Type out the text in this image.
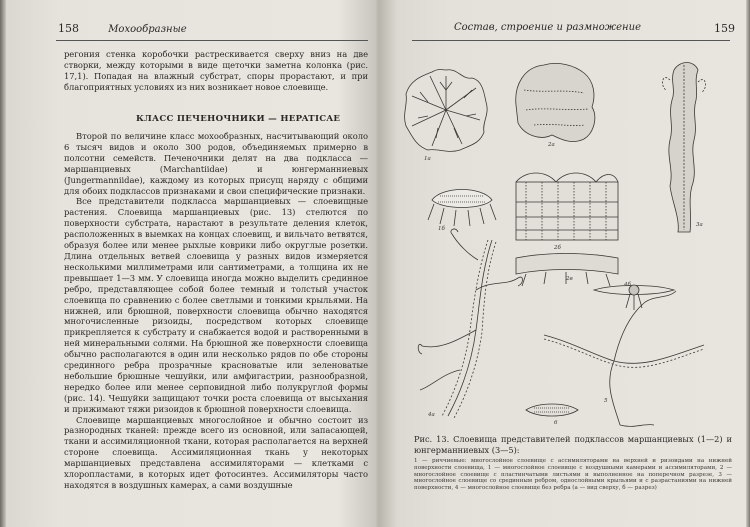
158	Мохообразные

регония стенка коробочки растрескивается сверху вниз на две створки, между которыми в виде щеточки заметна колонка (рис. 17,1). Попадая на влажный субстрат, споры прорастают, и при благоприятных условиях из них возникает новое слоевище.

КЛАСС ПЕЧЕНОЧНИКИ — HEPATICAE

Второй по величине класс мохообразных, насчитывающий около 6 тысяч видов и около 300 родов, объединяемых примерно в полсотни семейств. Печеночники делят на два подкласса — маршанциевых (Marchantiidae) и юнгерманниевых (Jungermanniidae), каждому из которых присущ наряду с общими для обоих подклассов признаками и свои специфические признаки.

Все представители подкласса маршанциевых — слоевищные растения. Слоевища маршанциевых (рис. 13) стелются по поверхности субстрата, нарастают в результате деления клеток, расположенных в выемках на концах слоевищ, и вильчато ветвятся, образуя более или менее рыхлые коврики либо округлые розетки. Длина отдельных ветвей слоевища у разных видов измеряется несколькими миллиметрами или сантиметрами, а толщина их не превышает 1—3 мм. У слоевища иногда можно выделить срединное ребро, представляющее собой более темный и толстый участок слоевища по сравнению с более светлыми и тонкими крыльями. На нижней, или брюшной, поверхности слоевища обычно находятся многочисленные ризоиды, посредством которых слоевище прикрепляется к субстрату и снабжается водой и растворенными в ней минеральными солями. На брюшной же поверхности слоевища обычно располагаются в один или несколько рядов по обе стороны срединного ребра прозрачные красноватые или зеленоватые небольшие брюшные чешуйки, или амфигастрии, разнообразной, нередко более или менее серповидной либо полукруглой формы (рис. 14). Чешуйки защищают точки роста слоевища от высыхания и прижимают тяжи ризоидов к брюшной поверхности слоевища.

Слоевище маршанциевых многослойное и обычно состоит из разнородных тканей: прежде всего из основной, или запасающей, ткани и ассимиляционной ткани, которая располагается на верхней стороне слоевища. Ассимиляционная ткань у некоторых маршанциевых представлена ассимиляторами — клетками с хлоропластами, в которых идет фотосинтез. Ассимиляторы часто находятся в воздушных камерах, а сами воздушные

Состав, строение и размножение	159
1а
2а
2б
3а
4а
4б
5
6
1б
2в
Рис. 13. Слоевища представителей подклассов маршанциевых (1—2) и юнгерманниевых (3—5):
1 — риччиевые: многослойное слоевище с ассимиляторами на верхней и ризоидами на нижней поверхности слоевища, 1 — многослойное слоевище с воздушными камерами и ассимиляторами, 2 — многослойное слоевище с пластинчатыми листьями и выполненное на поперечном разрезе, 3 — многослойное слоевище со срединным ребром, однослойными крыльями и с разрастаниями на нижней поверхности, 4 — многослойное слоевище без ребра (а — вид сверху, б — разрез)
